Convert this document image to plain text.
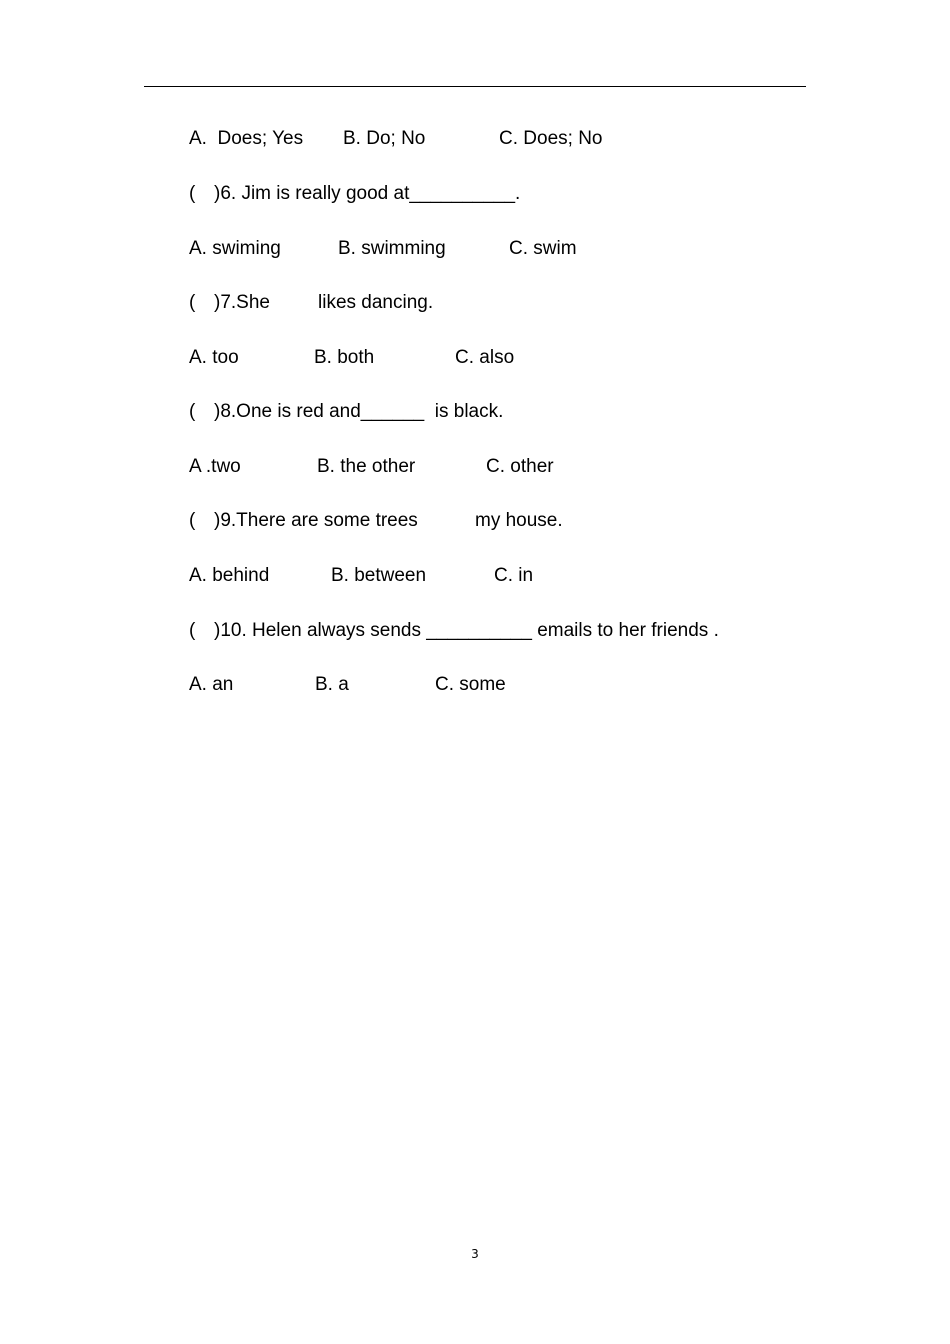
A.  Does; Yes B. Do; No	C. Does; No
( )6. Jim is really good at__________.
A. swiming	B. swimming	C. swim
( )7.She	likes dancing.
A. too	B. both	C. also
( )8.One is red and______  is black.
A .two	B. the other	C. other
( )9.There are some trees	my house.
A. behind	B. between	C. in
( )10. Helen always sends __________ emails to her friends .
A. an	B. a	C. some
3
